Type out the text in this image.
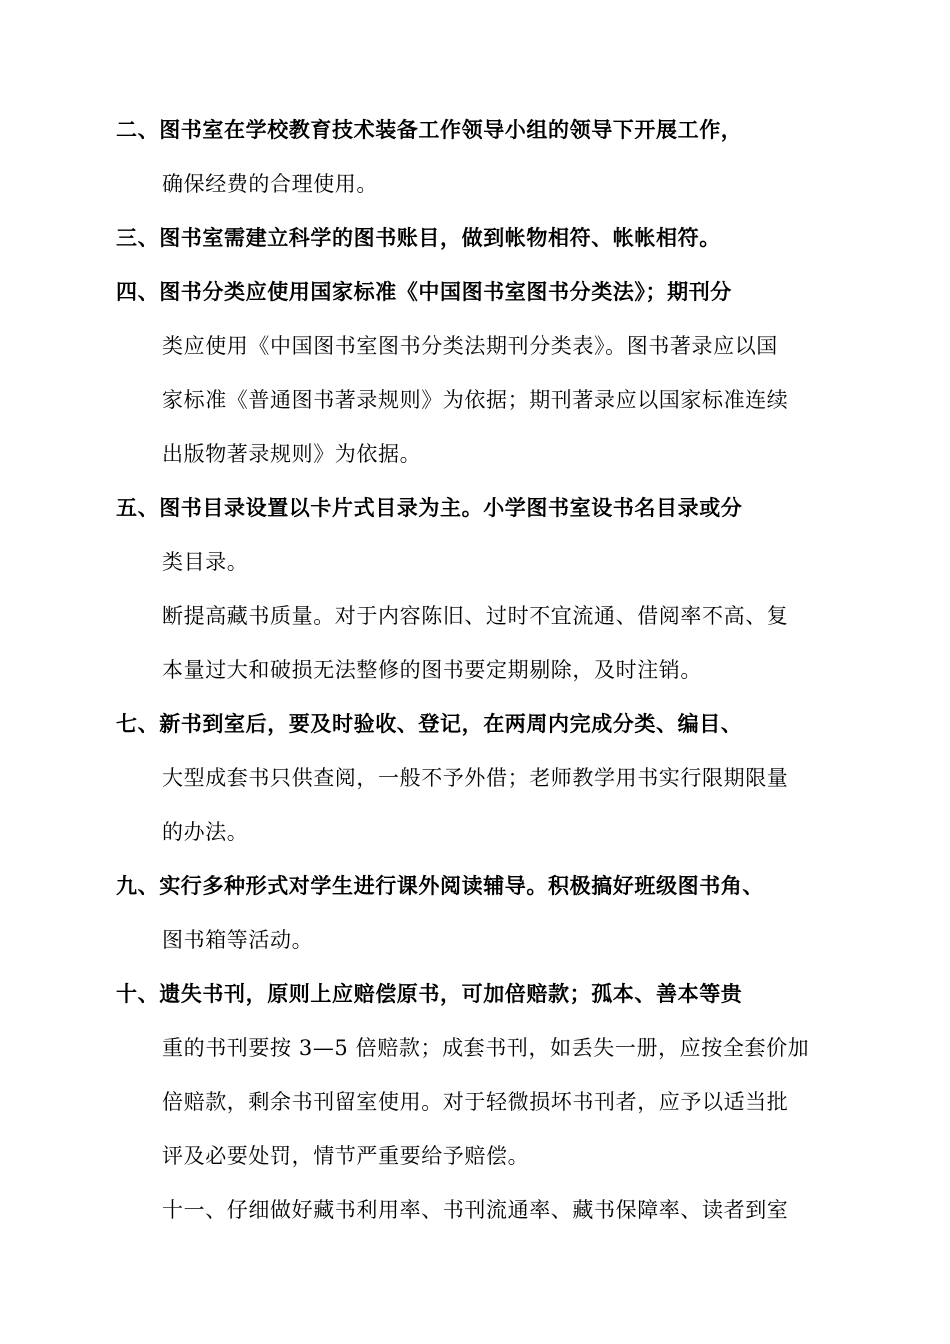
二、图书室在学校教育技术装备工作领导小组的领导下开展工作，
确保经费的合理使用。
三、图书室需建立科学的图书账目，做到帐物相符、帐帐相符。
四、图书分类应使用国家标准《中国图书室图书分类法》；期刊分
类应使用《中国图书室图书分类法期刊分类表》。图书著录应以国
家标准《普通图书著录规则》为依据；期刊著录应以国家标准连续
出版物著录规则》为依据。
五、图书目录设置以卡片式目录为主。小学图书室设书名目录或分
类目录。
断提高藏书质量。对于内容陈旧、过时不宜流通、借阅率不高、复
本量过大和破损无法整修的图书要定期剔除，及时注销。
七、新书到室后，要及时验收、登记，在两周内完成分类、编目、
大型成套书只供查阅，一般不予外借；老师教学用书实行限期限量
的办法。
九、实行多种形式对学生进行课外阅读辅导。积极搞好班级图书角、
图书箱等活动。
十、遗失书刊，原则上应赔偿原书，可加倍赔款；孤本、善本等贵
重的书刊要按 3—5 倍赔款；成套书刊，如丢失一册，应按全套价加
倍赔款，剩余书刊留室使用。对于轻微损坏书刊者，应予以适当批
评及必要处罚，情节严重要给予赔偿。
十一、仔细做好藏书利用率、书刊流通率、藏书保障率、读者到室
